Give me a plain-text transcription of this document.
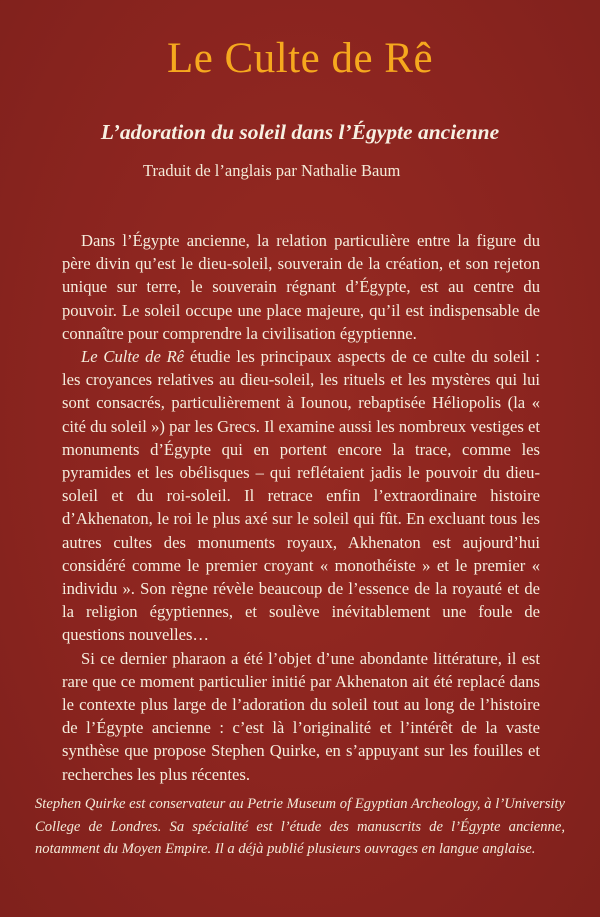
Le Culte de Rê
L’adoration du soleil dans l’Égypte ancienne

Traduit de l’anglais par Nathalie Baum

Dans l’Égypte ancienne, la relation particulière entre la figure du père divin qu’est le dieu-soleil, souverain de la création, et son rejeton unique sur terre, le souverain régnant d’Égypte, est au centre du pouvoir. Le soleil occupe une place majeure, qu’il est indispensable de connaître pour comprendre la civilisation égyptienne.

Le Culte de Rê étudie les principaux aspects de ce culte du soleil : les croyances relatives au dieu-soleil, les rituels et les mystères qui lui sont consacrés, particulièrement à Iounou, rebaptisée Héliopolis (la « cité du soleil ») par les Grecs. Il examine aussi les nombreux vestiges et monuments d’Égypte qui en portent encore la trace, comme les pyramides et les obélisques – qui reflétaient jadis le pouvoir du dieu-soleil et du roi-soleil. Il retrace enfin l’extraordinaire histoire d’Akhenaton, le roi le plus axé sur le soleil qui fût. En excluant tous les autres cultes des monuments royaux, Akhenaton est aujourd’hui considéré comme le premier croyant « monothéiste » et le premier « individu ». Son règne révèle beaucoup de l’essence de la royauté et de la religion égyptiennes, et soulève inévitablement une foule de questions nouvelles…

Si ce dernier pharaon a été l’objet d’une abondante littérature, il est rare que ce moment particulier initié par Akhenaton ait été replacé dans le contexte plus large de l’adoration du soleil tout au long de l’histoire de l’Égypte ancienne : c’est là l’originalité et l’intérêt de la vaste synthèse que propose Stephen Quirke, en s’appuyant sur les fouilles et recherches les plus récentes.

Stephen Quirke est conservateur au Petrie Museum of Egyptian Archeology, à l’University College de Londres. Sa spécialité est l’étude des manuscrits de l’Égypte ancienne, notamment du Moyen Empire. Il a déjà publié plusieurs ouvrages en langue anglaise.
